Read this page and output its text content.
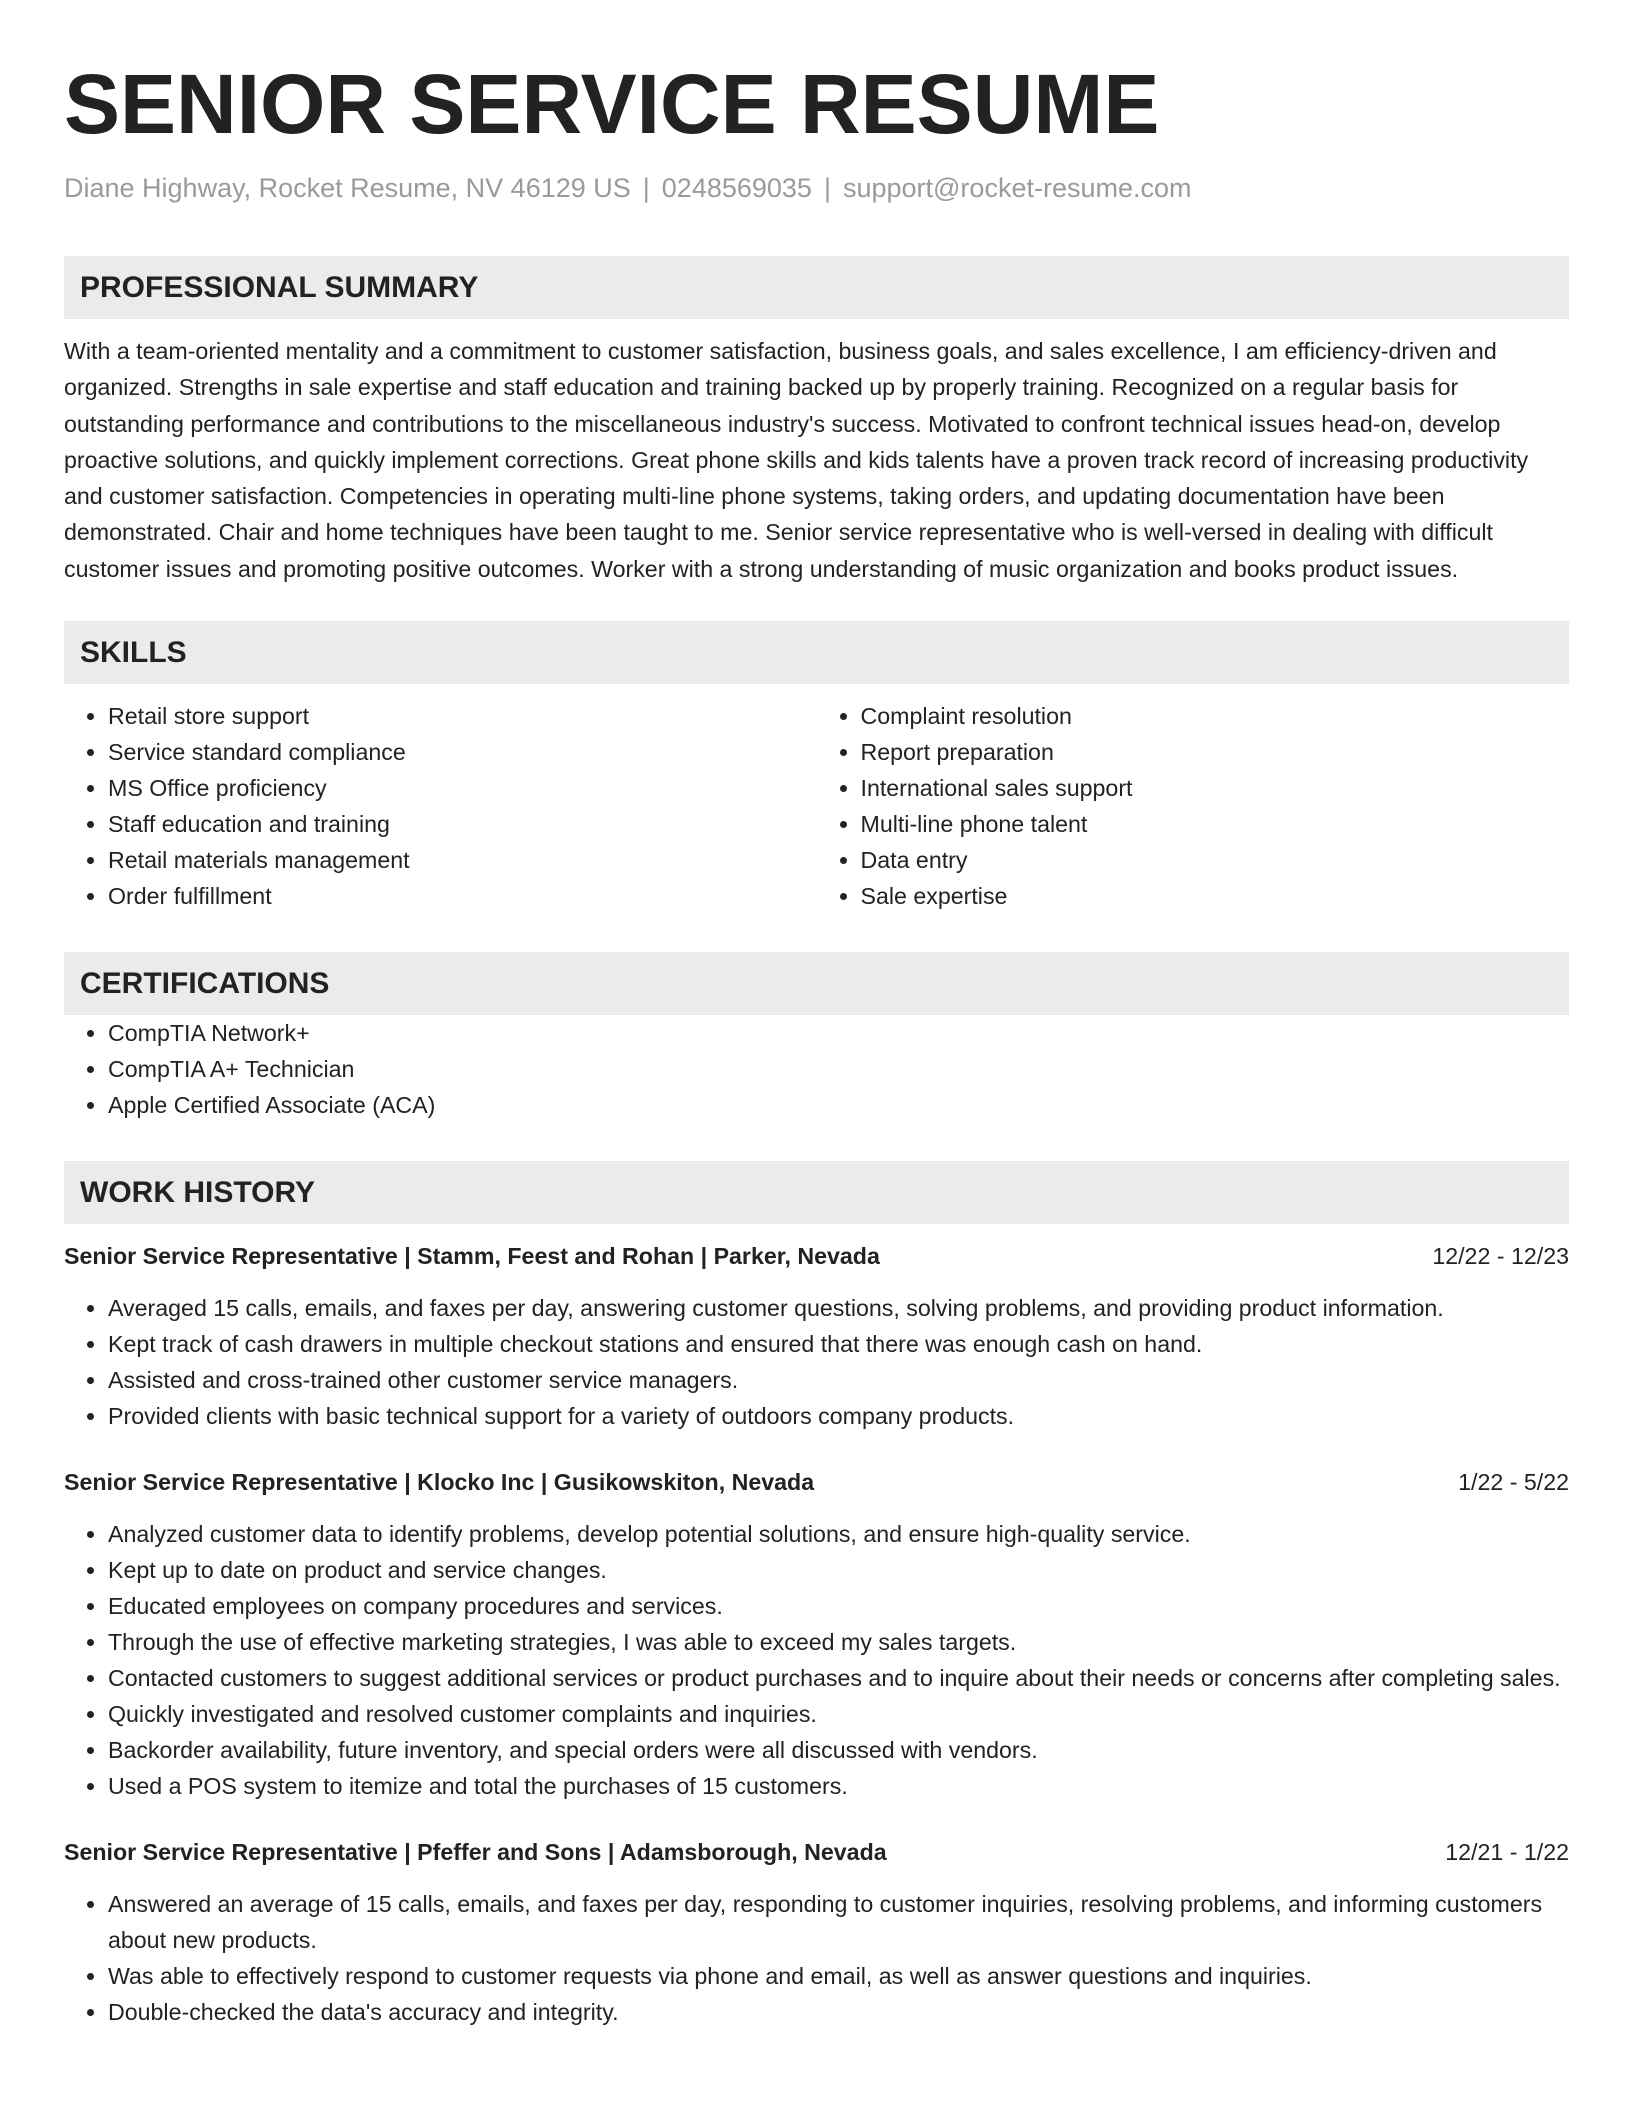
SENIOR SERVICE RESUME
Diane Highway, Rocket Resume, NV 46129 US | 0248569035 | support@rocket-resume.com
PROFESSIONAL SUMMARY
With a team-oriented mentality and a commitment to customer satisfaction, business goals, and sales excellence, I am efficiency-driven and organized. Strengths in sale expertise and staff education and training backed up by properly training. Recognized on a regular basis for outstanding performance and contributions to the miscellaneous industry's success. Motivated to confront technical issues head-on, develop proactive solutions, and quickly implement corrections. Great phone skills and kids talents have a proven track record of increasing productivity and customer satisfaction. Competencies in operating multi-line phone systems, taking orders, and updating documentation have been demonstrated. Chair and home techniques have been taught to me. Senior service representative who is well-versed in dealing with difficult customer issues and promoting positive outcomes. Worker with a strong understanding of music organization and books product issues.
SKILLS
• Retail store support
• Service standard compliance
• MS Office proficiency
• Staff education and training
• Retail materials management
• Order fulfillment
• Complaint resolution
• Report preparation
• International sales support
• Multi-line phone talent
• Data entry
• Sale expertise
CERTIFICATIONS
• CompTIA Network+
• CompTIA A+ Technician
• Apple Certified Associate (ACA)
WORK HISTORY
Senior Service Representative | Stamm, Feest and Rohan | Parker, Nevada	12/22 - 12/23
• Averaged 15 calls, emails, and faxes per day, answering customer questions, solving problems, and providing product information.
• Kept track of cash drawers in multiple checkout stations and ensured that there was enough cash on hand.
• Assisted and cross-trained other customer service managers.
• Provided clients with basic technical support for a variety of outdoors company products.
Senior Service Representative | Klocko Inc | Gusikowskiton, Nevada	1/22 - 5/22
• Analyzed customer data to identify problems, develop potential solutions, and ensure high-quality service.
• Kept up to date on product and service changes.
• Educated employees on company procedures and services.
• Through the use of effective marketing strategies, I was able to exceed my sales targets.
• Contacted customers to suggest additional services or product purchases and to inquire about their needs or concerns after completing sales.
• Quickly investigated and resolved customer complaints and inquiries.
• Backorder availability, future inventory, and special orders were all discussed with vendors.
• Used a POS system to itemize and total the purchases of 15 customers.
Senior Service Representative | Pfeffer and Sons | Adamsborough, Nevada	12/21 - 1/22
• Answered an average of 15 calls, emails, and faxes per day, responding to customer inquiries, resolving problems, and informing customers about new products.
• Was able to effectively respond to customer requests via phone and email, as well as answer questions and inquiries.
• Double-checked the data's accuracy and integrity.
